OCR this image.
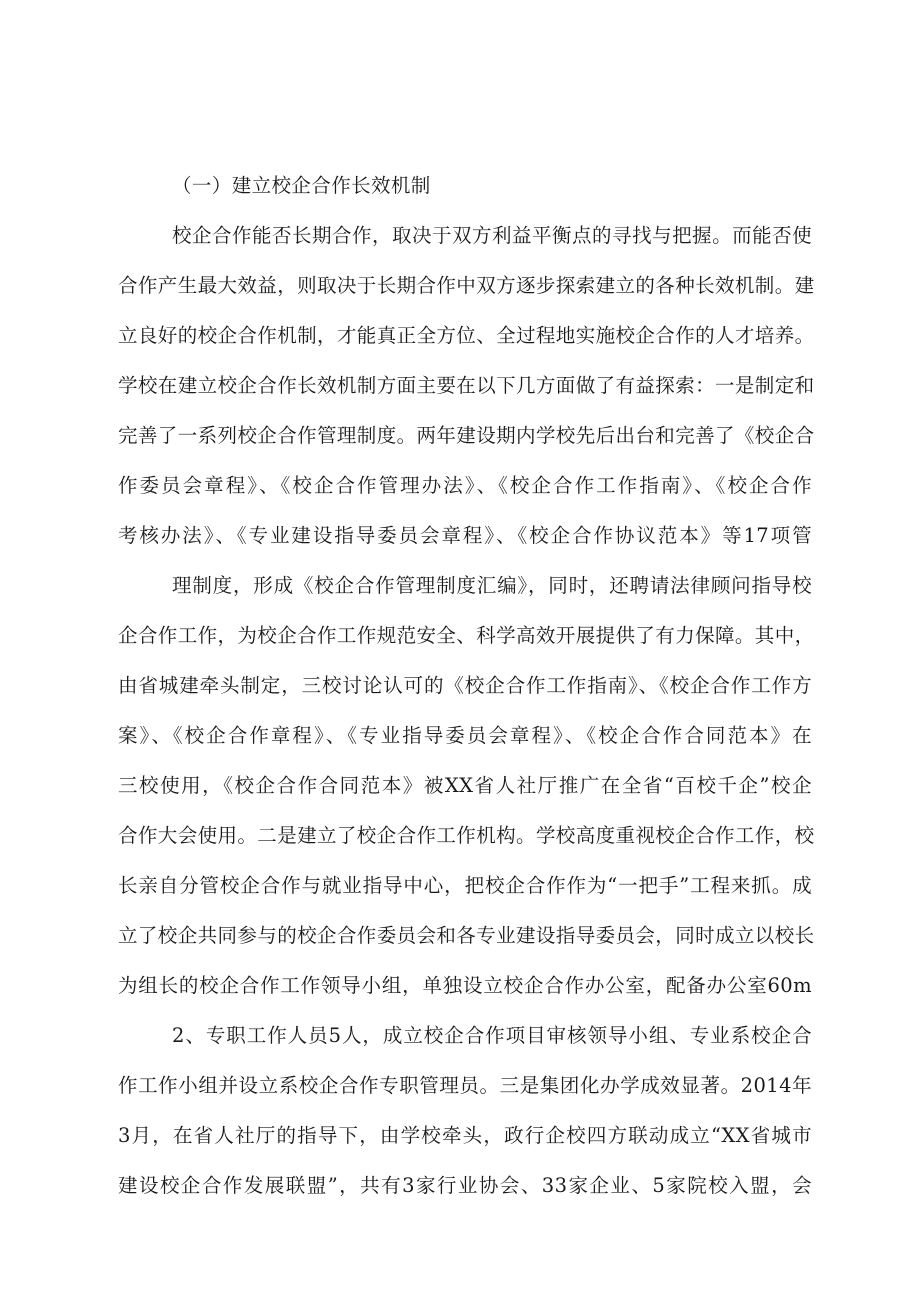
（一）建立校企合作长效机制
校企合作能否长期合作，取决于双方利益平衡点的寻找与把握。而能否使
合作产生最大效益，则取决于长期合作中双方逐步探索建立的各种长效机制。建
立良好的校企合作机制，才能真正全方位、全过程地实施校企合作的人才培养。
学校在建立校企合作长效机制方面主要在以下几方面做了有益探索：一是制定和
完善了一系列校企合作管理制度。两年建设期内学校先后出台和完善了《校企合
作委员会章程》、《校企合作管理办法》、《校企合作工作指南》、《校企合作
考核办法》、《专业建设指导委员会章程》、《校企合作协议范本》等17项管
理制度，形成《校企合作管理制度汇编》，同时，还聘请法律顾问指导校
企合作工作，为校企合作工作规范安全、科学高效开展提供了有力保障。其中，
由省城建牵头制定，三校讨论认可的《校企合作工作指南》、《校企合作工作方
案》、《校企合作章程》、《专业指导委员会章程》、《校企合作合同范本》在
三校使用，《校企合作合同范本》被XX省人社厅推广在全省“百校千企”校企
合作大会使用。二是建立了校企合作工作机构。学校高度重视校企合作工作，校
长亲自分管校企合作与就业指导中心，把校企合作作为“一把手”工程来抓。成
立了校企共同参与的校企合作委员会和各专业建设指导委员会，同时成立以校长
为组长的校企合作工作领导小组，单独设立校企合作办公室，配备办公室60m
2、专职工作人员5人，成立校企合作项目审核领导小组、专业系校企合
作工作小组并设立系校企合作专职管理员。三是集团化办学成效显著。2014年
3月，在省人社厅的指导下，由学校牵头，政行企校四方联动成立“XX省城市
建设校企合作发展联盟”，共有3家行业协会、33家企业、5家院校入盟，会
